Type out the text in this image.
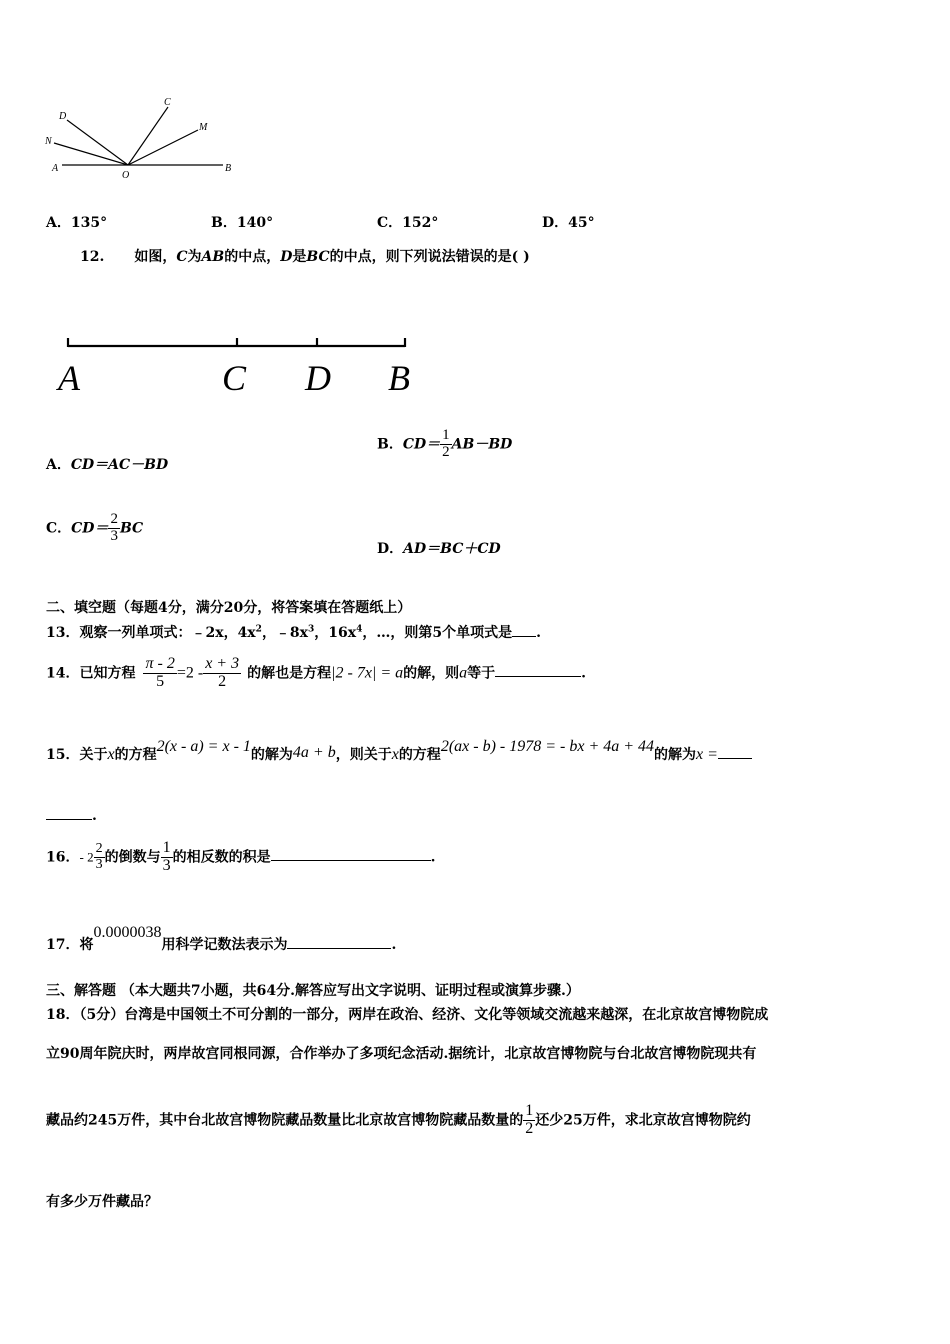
D
C
M
N
A
O
B
A．135°	B．140°	C．152°	D．45°
12. 如图，C为AB的中点，D是BC的中点，则下列说法错误的是( )
A	C D B
A．CD＝AC－BD
B．$CD= \frac{1}{2} AB-BD$
C．$CD= \frac{2}{3}$ BC
D．AD＝BC＋CD
二、填空题（每题4分，满分20分，将答案填在答题纸上）
13．观察一列单项式：﹣2x，$4x^2$，$﹣8x^3$，$16x^4$，…，则第5个单项式是 .
14．已知方程 $\frac{\pi - 2}{5} =2 - \frac{x + 3}{2}$ 的解也是方程|2 - 7x| = a的解，则a等于	.
15．关于x的方程2(x - a) = x - 1的解为4a + b，则关于x的方程2(ax - b) - 1978 = - bx + 4a + 44的解为x =
.
16．- $2 \frac{2}{3}$ 的倒数与 $\frac{1}{3}$ 的相反数的积是	.
17．将0.0000038用科学记数法表示为	.
三、解答题 （本大题共7小题，共64分.解答应写出文字说明、证明过程或演算步骤.）
18．（5分）台湾是中国领土不可分割的一部分，两岸在政治、经济、文化等领域交流越来越深，在北京故宫博物院成
立90周年院庆时，两岸故宫同根同源，合作举办了多项纪念活动.据统计，北京故宫博物院与台北故宫博物院现共有
藏品约245万件，其中台北故宫博物院藏品数量比北京故宫博物院藏品数量的 $\frac{1}{2}$ 还少25万件，求北京故宫博物院约
有多少万件藏品？
